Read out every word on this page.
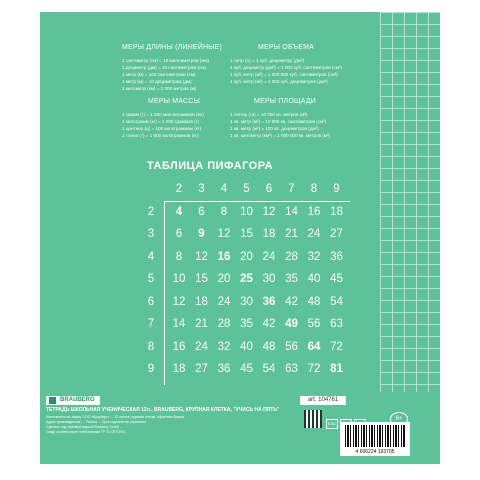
МЕРЫ ДЛИНЫ (ЛИНЕЙНЫЕ)
1 сантиметр (см) = 10 миллиметров (мм)
1 дециметр (дм) = 10 сантиметрам (см)
1 метр (м) = 100 сантиметрам (см)
1 метр (м) = 10 дециметрам (дм)
1 километр (км) = 1 000 метров (м)
МЕРЫ ОБЪЕМА
1 литр (л) = 1 куб. дециметру (дм³)
1 куб. дециметр (дм³) = 1 000 куб. сантиметров (см³)
1 куб. метр (м³) = 1 000 000 куб. сантиметров (см³)
1 куб. метр (м³) = 1 000 куб. дециметров (дм³)
МЕРЫ МАССЫ
1 грамм (г) = 1 000 миллиграммов (мг)
1 килограмм (кг) = 1 000 граммов (г)
1 центнер (ц) = 100 килограммам (кг)
1 тонна (т) = 1 000 килограммов (кг)
МЕРЫ ПЛОЩАДИ
1 гектар (га) = 10 000 кв. метров (м²)
1 кв. метр (м²) = 10 000 кв. сантиметров (см²)
1 кв. метр (м²) = 100 кв. дециметров (дм²)
1 кв. километр (км²) = 1 000 000 кв. метров (м²)
ТАБЛИЦА ПИФАГОРА
2	3	4	5	6	7	8	9
2	4	6	8	10 12 14 16 18
3	6	9	12 15 18 21 24 27
4	8	12 16 20 24 28 32 36
5	10 15 20 25 30 35 40 45
6	12 18 24 30 36 42 48 54
7	14 21 28 35 42 49 56 63
8	16 24 32 40 48 56 64 72
9	18 27 36 45 54 63 72 81
BRAUBERG	art. 104761
ТЕТРАДЬ ШКОЛЬНАЯ УЧЕНИЧЕСКАЯ 12л., BRAUBERG, КРУПНАЯ КЛЕТКА, "УЧИСЬ НА ПЯТЬ"
Изготовлено по заказу ООО «Брауберг» ... 12 листов, крупная клетка, офсетная бумага
Адрес производителя: ... Россия ... Срок годности не ограничен.
Сделано под торговой маркой Brauberg GmbH ...
Товар соответствует требованиям ТР ТС 007/2011 ...
ЕАС
6+
4 606224 193705
